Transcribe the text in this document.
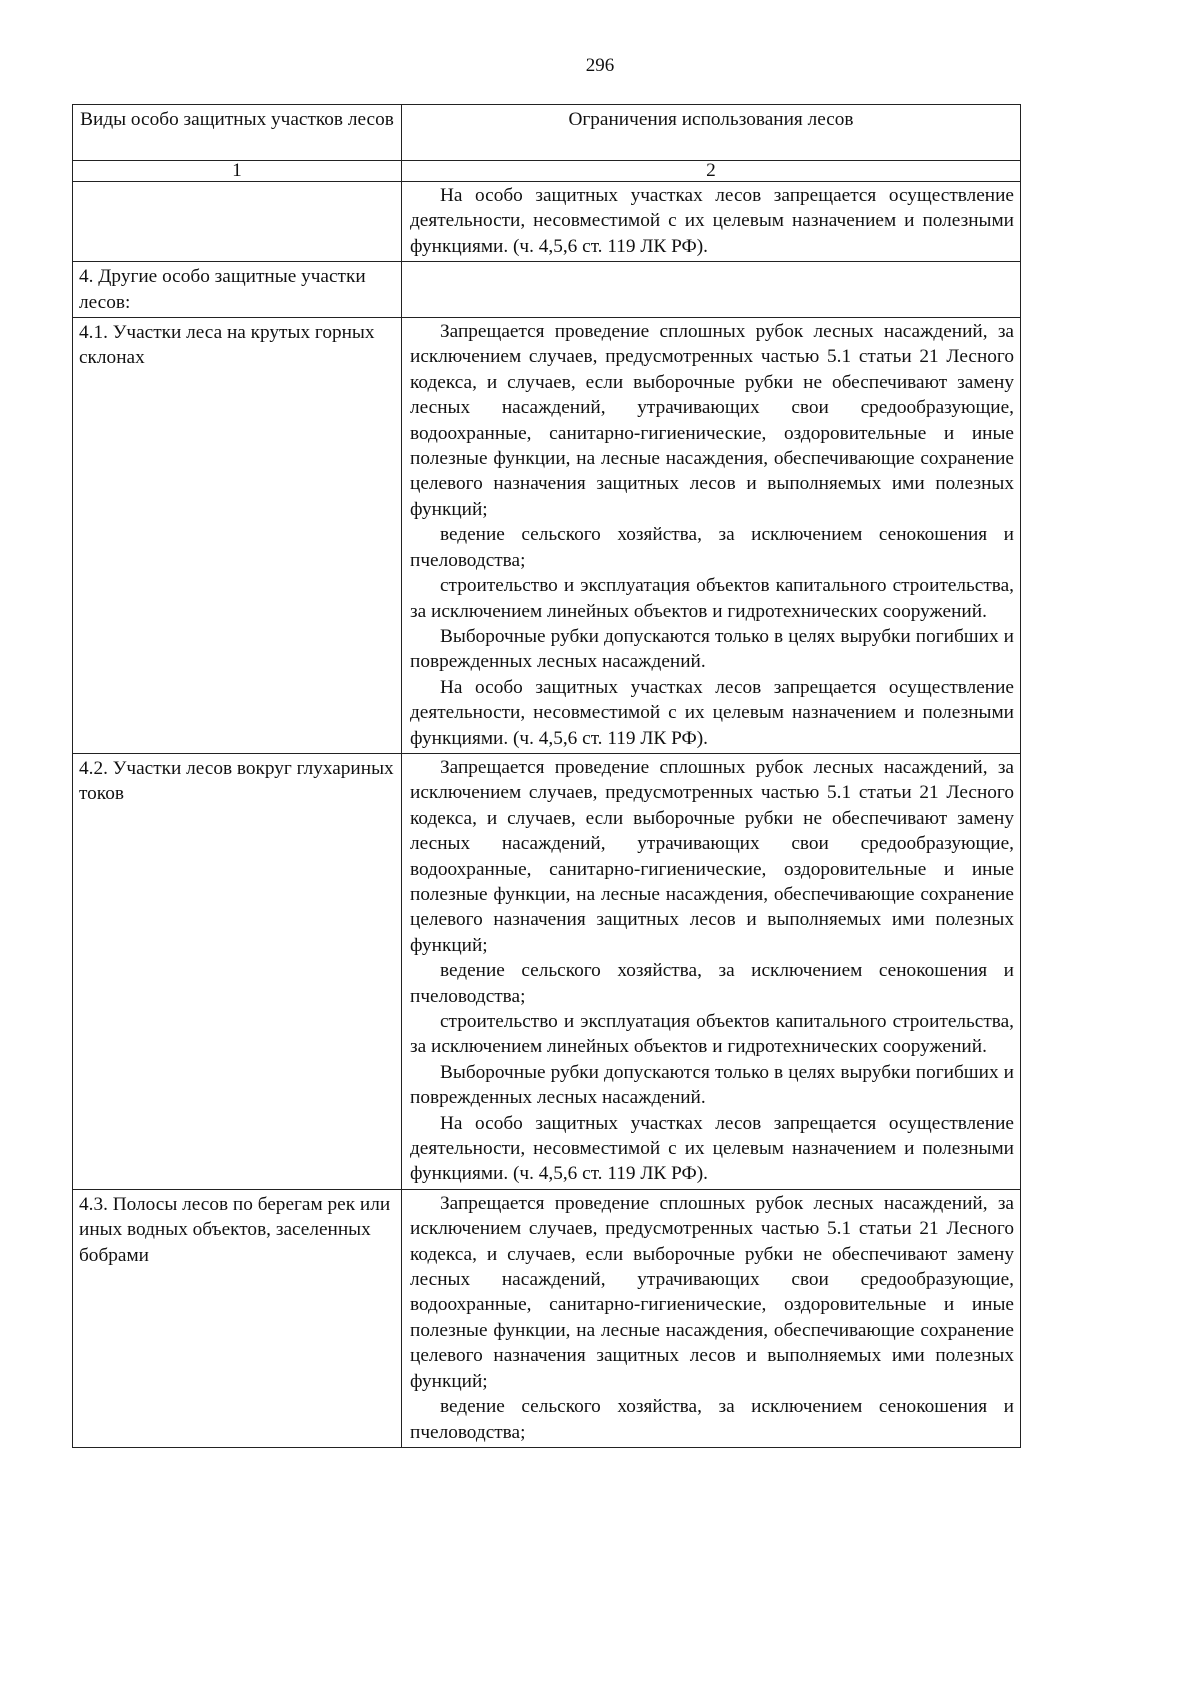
296
Виды особо защитных участков лесов	Ограничения использования лесов
1	2

	На особо защитных участках лесов запрещается осуществление деятельности, несовместимой с их целевым назначением и полезными функциями. (ч. 4,5,6 ст. 119 ЛК РФ).

4. Другие особо защитные участки лесов:	
4.1. Участки леса на крутых горных склонах	Запрещается проведение сплошных рубок лесных насаждений, за исключением случаев, предусмотренных частью 5.1 статьи 21 Лесного кодекса, и случаев, если выборочные рубки не обеспечивают замену лесных насаждений, утрачивающих свои средообразующие, водоохранные, санитарно-гигиенические, оздоровительные и иные полезные функции, на лесные насаждения, обеспечивающие сохранение целевого назначения защитных лесов и выполняемых ими полезных функций;

ведение сельского хозяйства, за исключением сенокошения и пчеловодства;

строительство и эксплуатация объектов капитального строительства, за исключением линейных объектов и гидротехнических сооружений.

Выборочные рубки допускаются только в целях вырубки погибших и поврежденных лесных насаждений.

На особо защитных участках лесов запрещается осуществление деятельности, несовместимой с их целевым назначением и полезными функциями. (ч. 4,5,6 ст. 119 ЛК РФ).

4.2. Участки лесов вокруг глухариных токов	Запрещается проведение сплошных рубок лесных насаждений, за исключением случаев, предусмотренных частью 5.1 статьи 21 Лесного кодекса, и случаев, если выборочные рубки не обеспечивают замену лесных насаждений, утрачивающих свои средообразующие, водоохранные, санитарно-гигиенические, оздоровительные и иные полезные функции, на лесные насаждения, обеспечивающие сохранение целевого назначения защитных лесов и выполняемых ими полезных функций;

ведение сельского хозяйства, за исключением сенокошения и пчеловодства;

строительство и эксплуатация объектов капитального строительства, за исключением линейных объектов и гидротехнических сооружений.

Выборочные рубки допускаются только в целях вырубки погибших и поврежденных лесных насаждений.

На особо защитных участках лесов запрещается осуществление деятельности, несовместимой с их целевым назначением и полезными функциями. (ч. 4,5,6 ст. 119 ЛК РФ).

4.3. Полосы лесов по берегам рек или иных водных объектов, заселенных бобрами	Запрещается проведение сплошных рубок лесных насаждений, за исключением случаев, предусмотренных частью 5.1 статьи 21 Лесного кодекса, и случаев, если выборочные рубки не обеспечивают замену лесных насаждений, утрачивающих свои средообразующие, водоохранные, санитарно-гигиенические, оздоровительные и иные полезные функции, на лесные насаждения, обеспечивающие сохранение целевого назначения защитных лесов и выполняемых ими полезных функций;

ведение сельского хозяйства, за исключением сенокошения и пчеловодства;
